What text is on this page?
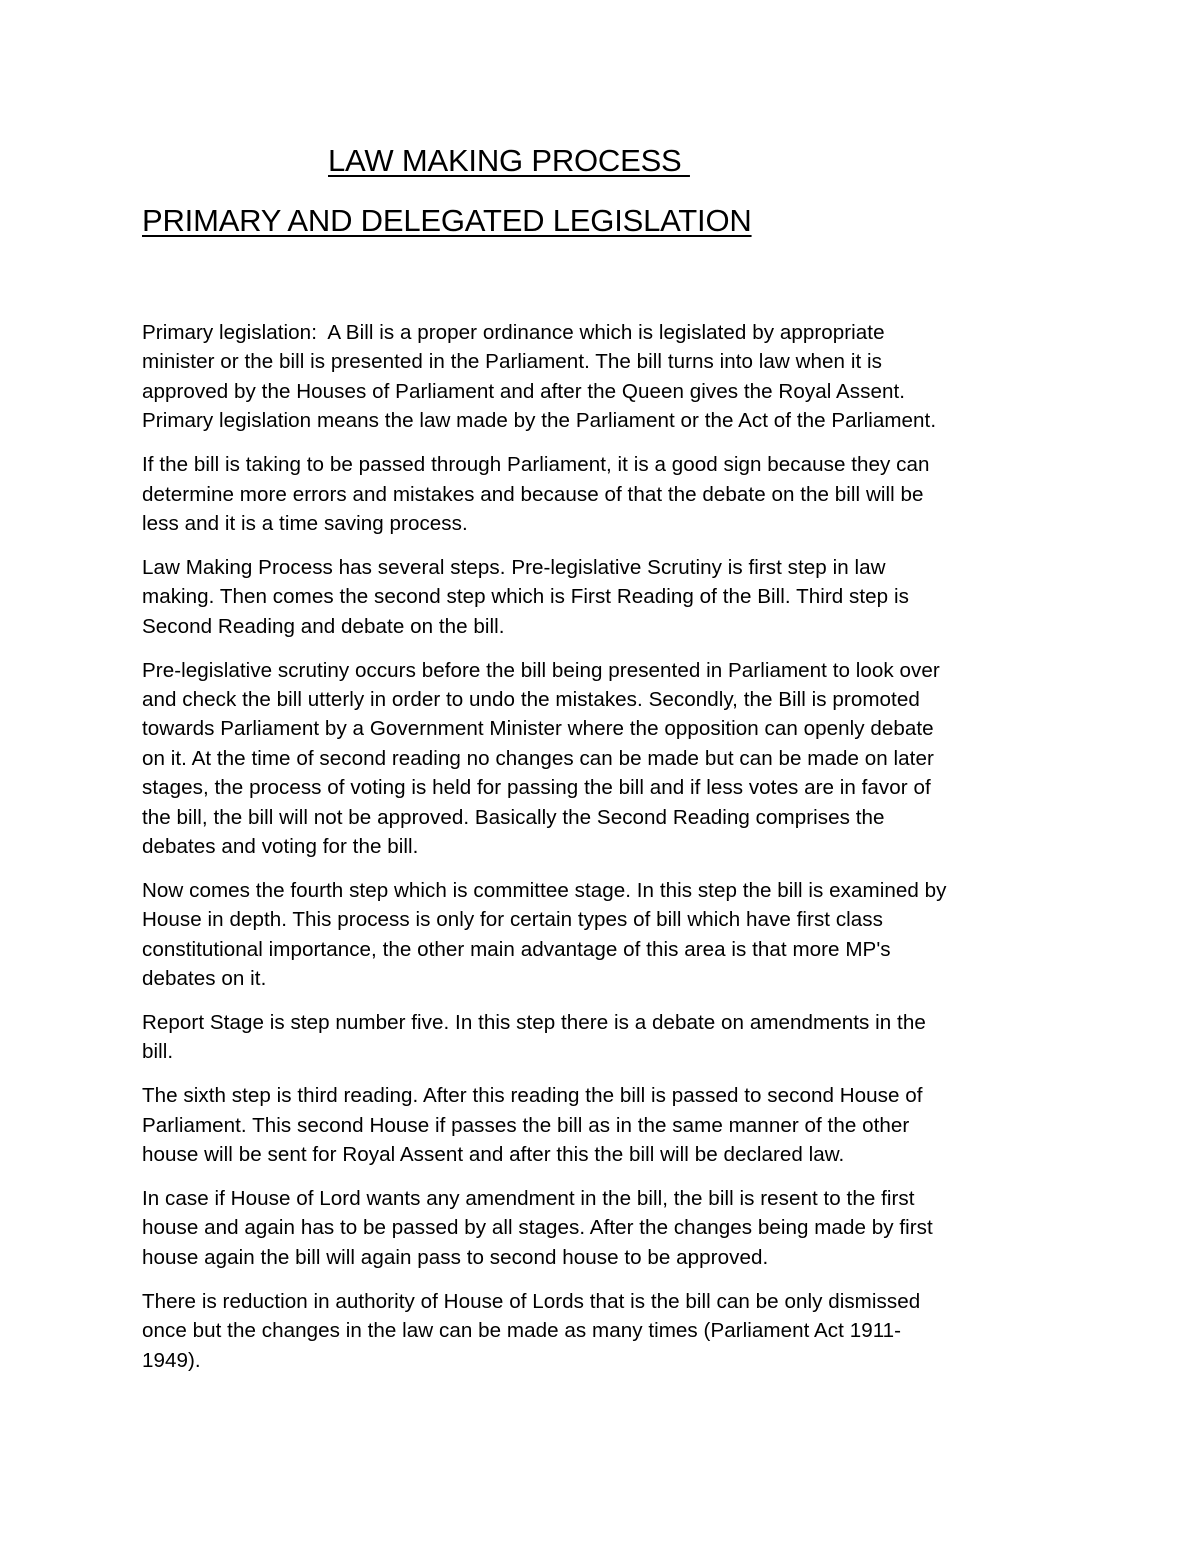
LAW MAKING PROCESS
PRIMARY AND DELEGATED LEGISLATION

Primary legislation:  A Bill is a proper ordinance which is legislated by appropriate
minister or the bill is presented in the Parliament. The bill turns into law when it is
approved by the Houses of Parliament and after the Queen gives the Royal Assent.
Primary legislation means the law made by the Parliament or the Act of the Parliament.

If the bill is taking to be passed through Parliament, it is a good sign because they can
determine more errors and mistakes and because of that the debate on the bill will be
less and it is a time saving process.

Law Making Process has several steps. Pre-legislative Scrutiny is first step in law
making. Then comes the second step which is First Reading of the Bill. Third step is
Second Reading and debate on the bill.

Pre-legislative scrutiny occurs before the bill being presented in Parliament to look over
and check the bill utterly in order to undo the mistakes. Secondly, the Bill is promoted
towards Parliament by a Government Minister where the opposition can openly debate
on it. At the time of second reading no changes can be made but can be made on later
stages, the process of voting is held for passing the bill and if less votes are in favor of
the bill, the bill will not be approved. Basically the Second Reading comprises the
debates and voting for the bill.

Now comes the fourth step which is committee stage. In this step the bill is examined by
House in depth. This process is only for certain types of bill which have first class
constitutional importance, the other main advantage of this area is that more MP's
debates on it.

Report Stage is step number five. In this step there is a debate on amendments in the
bill.

The sixth step is third reading. After this reading the bill is passed to second House of
Parliament. This second House if passes the bill as in the same manner of the other
house will be sent for Royal Assent and after this the bill will be declared law.

In case if House of Lord wants any amendment in the bill, the bill is resent to the first
house and again has to be passed by all stages. After the changes being made by first
house again the bill will again pass to second house to be approved.

There is reduction in authority of House of Lords that is the bill can be only dismissed
once but the changes in the law can be made as many times (Parliament Act 1911-
1949).
